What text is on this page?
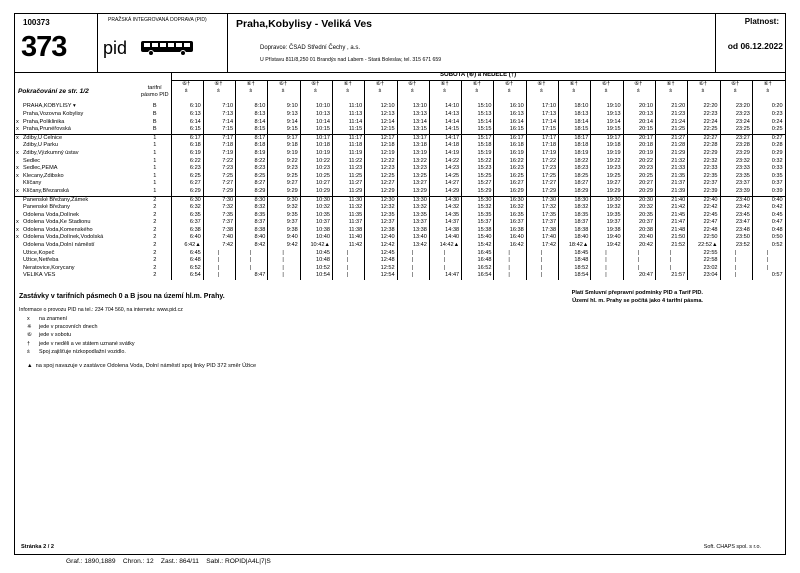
100373
373
PRAŽSKÁ INTEGROVANÁ DOPRAVA (PID)
pid
Praha,Kobylisy - Veliká Ves
Dopravce: ČSAD Střední Čechy , a.s.
U Přístavu 811/8,250 01 Brandýs nad Labem - Stará Boleslav, tel. 315 671 659
Platnost:
od 06.12.2022
		SOBOTA (⑥) a NEDĚLE (†)																		
Pokračování ze str. 1/2	tarifní pásmo PID	⑥†	⑥†	⑥†	⑥†	⑥†	⑥†	⑥†	⑥†	⑥†	⑥†	⑥†	⑥†	⑥†	⑥†	⑥†	⑥†	⑥†	⑥†	⑥†
		ṡ	ṡ	ṡ	ṡ	ṡ	ṡ	ṡ	ṡ	ṡ	ṡ	ṡ	ṡ	ṡ	ṡ	ṡ	ṡ	ṡ	ṡ	ṡ

PRAHA,KOBYLISY ▾	B	6:10	7:10	8:10	9:10	10:10	11:10	12:10	13:10	14:10	15:10	16:10	17:10	18:10	19:10	20:10	21:20	22:20	23:20	0:20

Praha,Vozovna Kobylisy	B	6:13	7:13	8:13	9:13	10:13	11:13	12:13	13:13	14:13	15:13	16:13	17:13	18:13	19:13	20:13	21:23	22:23	23:23	0:23

x Praha,Poliklinika	B	6:14	7:14	8:14	9:14	10:14	11:14	12:14	13:14	14:14	15:14	16:14	17:14	18:14	19:14	20:14	21:24	22:24	23:24	0:24

x Praha,Prunéřovská	B	6:15	7:15	8:15	9:15	10:15	11:15	12:15	13:15	14:15	15:15	16:15	17:15	18:15	19:15	20:15	21:25	22:25	23:25	0:25

x Zdiby,U Čelnice	1	6:17	7:17	8:17	9:17	10:17	11:17	12:17	13:17	14:17	15:17	16:17	17:17	18:17	19:17	20:17	21:27	22:27	23:27	0:27

Zdiby,U Parku	1	6:18	7:18	8:18	9:18	10:18	11:18	12:18	13:18	14:18	15:18	16:18	17:18	18:18	19:18	20:18	21:28	22:28	23:28	0:28

x Zdiby,Výzkumný ústav	1	6:19	7:19	8:19	9:19	10:19	11:19	12:19	13:19	14:19	15:19	16:19	17:19	18:19	19:19	20:19	21:29	22:29	23:29	0:29

Sedlec	1	6:22	7:22	8:22	9:22	10:22	11:22	12:22	13:22	14:22	15:22	16:22	17:22	18:22	19:22	20:22	21:32	22:32	23:32	0:32

x Sedlec,PEMA	1	6:23	7:23	8:23	9:23	10:23	11:23	12:23	13:23	14:23	15:23	16:23	17:23	18:23	19:23	20:23	21:33	22:33	23:33	0:33

x Klecany,Zdibsko	1	6:25	7:25	8:25	9:25	10:25	11:25	12:25	13:25	14:25	15:25	16:25	17:25	18:25	19:25	20:25	21:35	22:35	23:35	0:35

Klíčany	1	6:27	7:27	8:27	9:27	10:27	11:27	12:27	13:27	14:27	15:27	16:27	17:27	18:27	19:27	20:27	21:37	22:37	23:37	0:37

x Klíčany,Březanská	1	6:29	7:29	8:29	9:29	10:29	11:29	12:29	13:29	14:29	15:29	16:29	17:29	18:29	19:29	20:29	21:39	22:39	23:39	0:39

Panenské Břežany,Zámek	2	6:30	7:30	8:30	9:30	10:30	11:30	12:30	13:30	14:30	15:30	16:30	17:30	18:30	19:30	20:30	21:40	22:40	23:40	0:40

Panenské Břežany	2	6:32	7:32	8:32	9:32	10:32	11:32	12:32	13:32	14:32	15:32	16:32	17:32	18:32	19:32	20:32	21:42	22:42	23:42	0:42

Odolena Voda,Dolínek	2	6:35	7:35	8:35	9:35	10:35	11:35	12:35	13:35	14:35	15:35	16:35	17:35	18:35	19:35	20:35	21:45	22:45	23:45	0:45

x Odolena Voda,Ke Stadionu	2	6:37	7:37	8:37	9:37	10:37	11:37	12:37	13:37	14:37	15:37	16:37	17:37	18:37	19:37	20:37	21:47	22:47	23:47	0:47

x Odolena Voda,Komenského	2	6:38	7:38	8:38	9:38	10:38	11:38	12:38	13:38	14:38	15:38	16:38	17:38	18:38	19:38	20:38	21:48	22:48	23:48	0:48

x Odolena Voda,Dolínek,Vodolská	2	6:40	7:40	8:40	9:40	10:40	11:40	12:40	13:40	14:40	15:40	16:40	17:40	18:40	19:40	20:40	21:50	22:50	23:50	0:50

Odolena Voda,Dolní náměstí	2	6:42▲	7:42	8:42	9:42	10:42▲	11:42	12:42	13:42	14:42▲	15:42	16:42	17:42	18:42▲	19:42	20:42	21:52	22:52▲	23:52	0:52

Úžice,Kopeč	2	6:45	|	|	|	10:45	|	12:45	|	|	16:45	|	|	18:45	|	|	|	22:55	|	|

Úžice,Netřeba	2	6:48	|	|	|	10:48	|	12:48	|	|	16:48	|	|	18:48	|	|	|	22:58	|	|

Neratovice,Korycany	2	6:52	|	|	|	10:52	|	12:52	|	|	16:52	|	|	18:52	|	|	|	23:02	|	|

VELIKÁ VES	2	6:54	|	8:47	|	10:54	|	12:54	|	14:47	16:54	|	|	18:54	|	20:47	21:57	23:04	|	0:57
Zastávky v tarifních pásmech 0 a B jsou na území hl.m. Prahy.	Platí Smluvní přepravní podmínky PID a Tarif PID.
Území hl. m. Prahy se počítá jako 4 tarifní pásma.
Informace o provozu PID na tel.: 234 704 560, na internetu: www.pid.cz
x na znamení
※ jede v pracovních dnech
⑥ jede v sobotu
† jede v neděli a ve státem uznané svátky
ṡ Spoj zajišťuje nízkopodlažní vozidlo.
▲ na spoj navazuje v zastávce Odolena Voda, Dolní náměstí spoj linky PID 372 směr Úžice
Stránka 2 / 2	Soft. CHAPS spol. s r.o.
Graf.: 1890,1889    Chron.: 12    Zast.: 864/11    Sabl.: ROPID|A4L|7|S
